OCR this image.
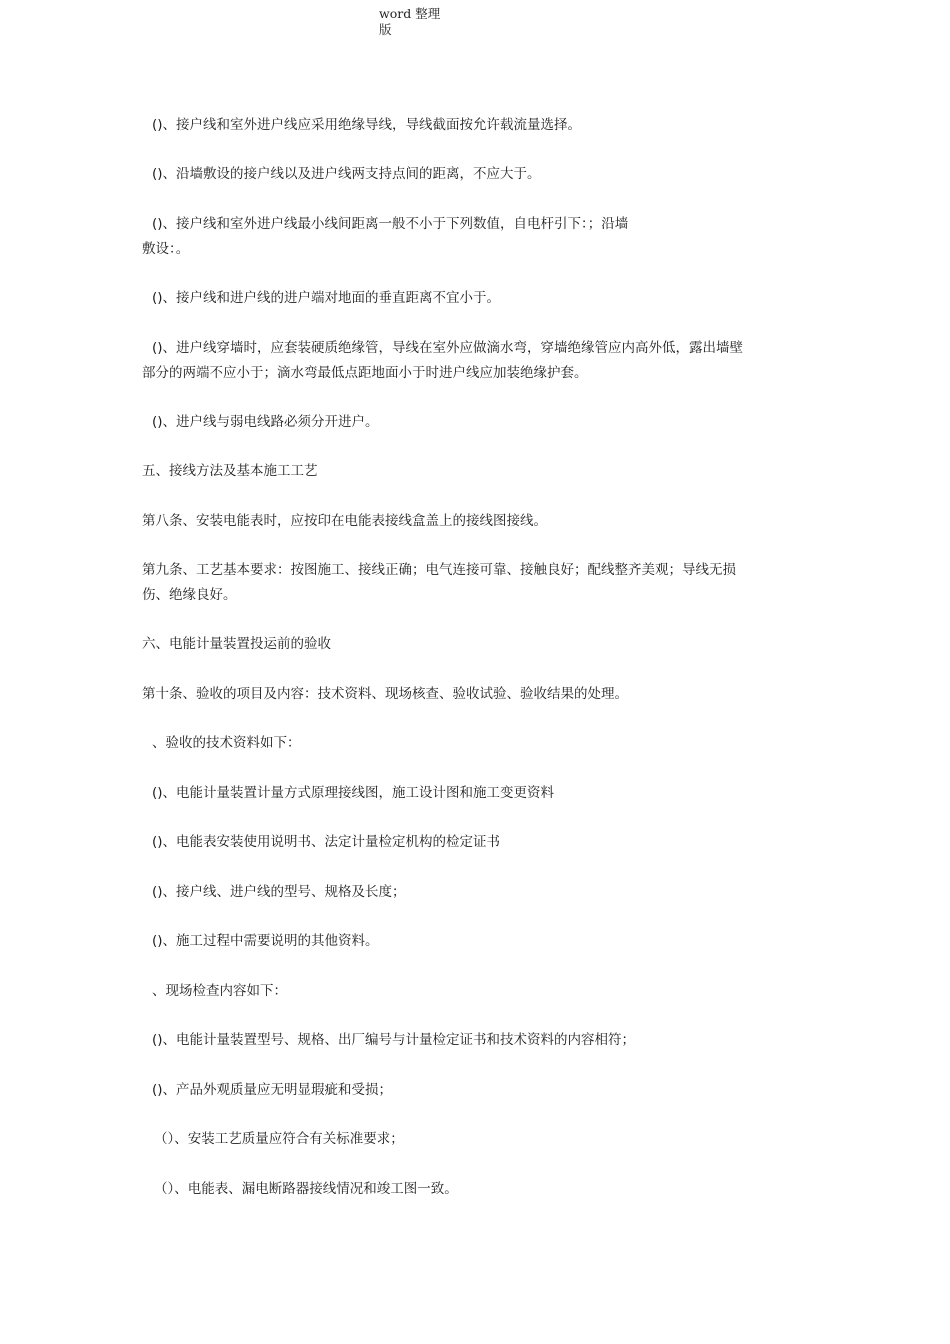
word 整理
版
()、接户线和室外进户线应采用绝缘导线，导线截面按允许载流量选择。
()、沿墙敷设的接户线以及进户线两支持点间的距离，不应大于。
()、接户线和室外进户线最小线间距离一般不小于下列数值，自电杆引下：；沿墙
敷设：。
()、接户线和进户线的进户端对地面的垂直距离不宜小于。
()、进户线穿墙时，应套装硬质绝缘管，导线在室外应做滴水弯，穿墙绝缘管应内高外低，露出墙壁
部分的两端不应小于；滴水弯最低点距地面小于时进户线应加装绝缘护套。
()、进户线与弱电线路必须分开进户。
五、接线方法及基本施工工艺
第八条、安装电能表时，应按印在电能表接线盒盖上的接线图接线。
第九条、工艺基本要求：按图施工、接线正确；电气连接可靠、接触良好；配线整齐美观；导线无损
伤、绝缘良好。
六、电能计量装置投运前的验收
第十条、验收的项目及内容：技术资料、现场核查、验收试验、验收结果的处理。
、验收的技术资料如下：
()、电能计量装置计量方式原理接线图，施工设计图和施工变更资料
()、电能表安装使用说明书、法定计量检定机构的检定证书
()、接户线、进户线的型号、规格及长度；
()、施工过程中需要说明的其他资料。
、现场检查内容如下：
()、电能计量装置型号、规格、出厂编号与计量检定证书和技术资料的内容相符；
()、产品外观质量应无明显瑕疵和受损；
（）、安装工艺质量应符合有关标准要求；
（）、电能表、漏电断路器接线情况和竣工图一致。
